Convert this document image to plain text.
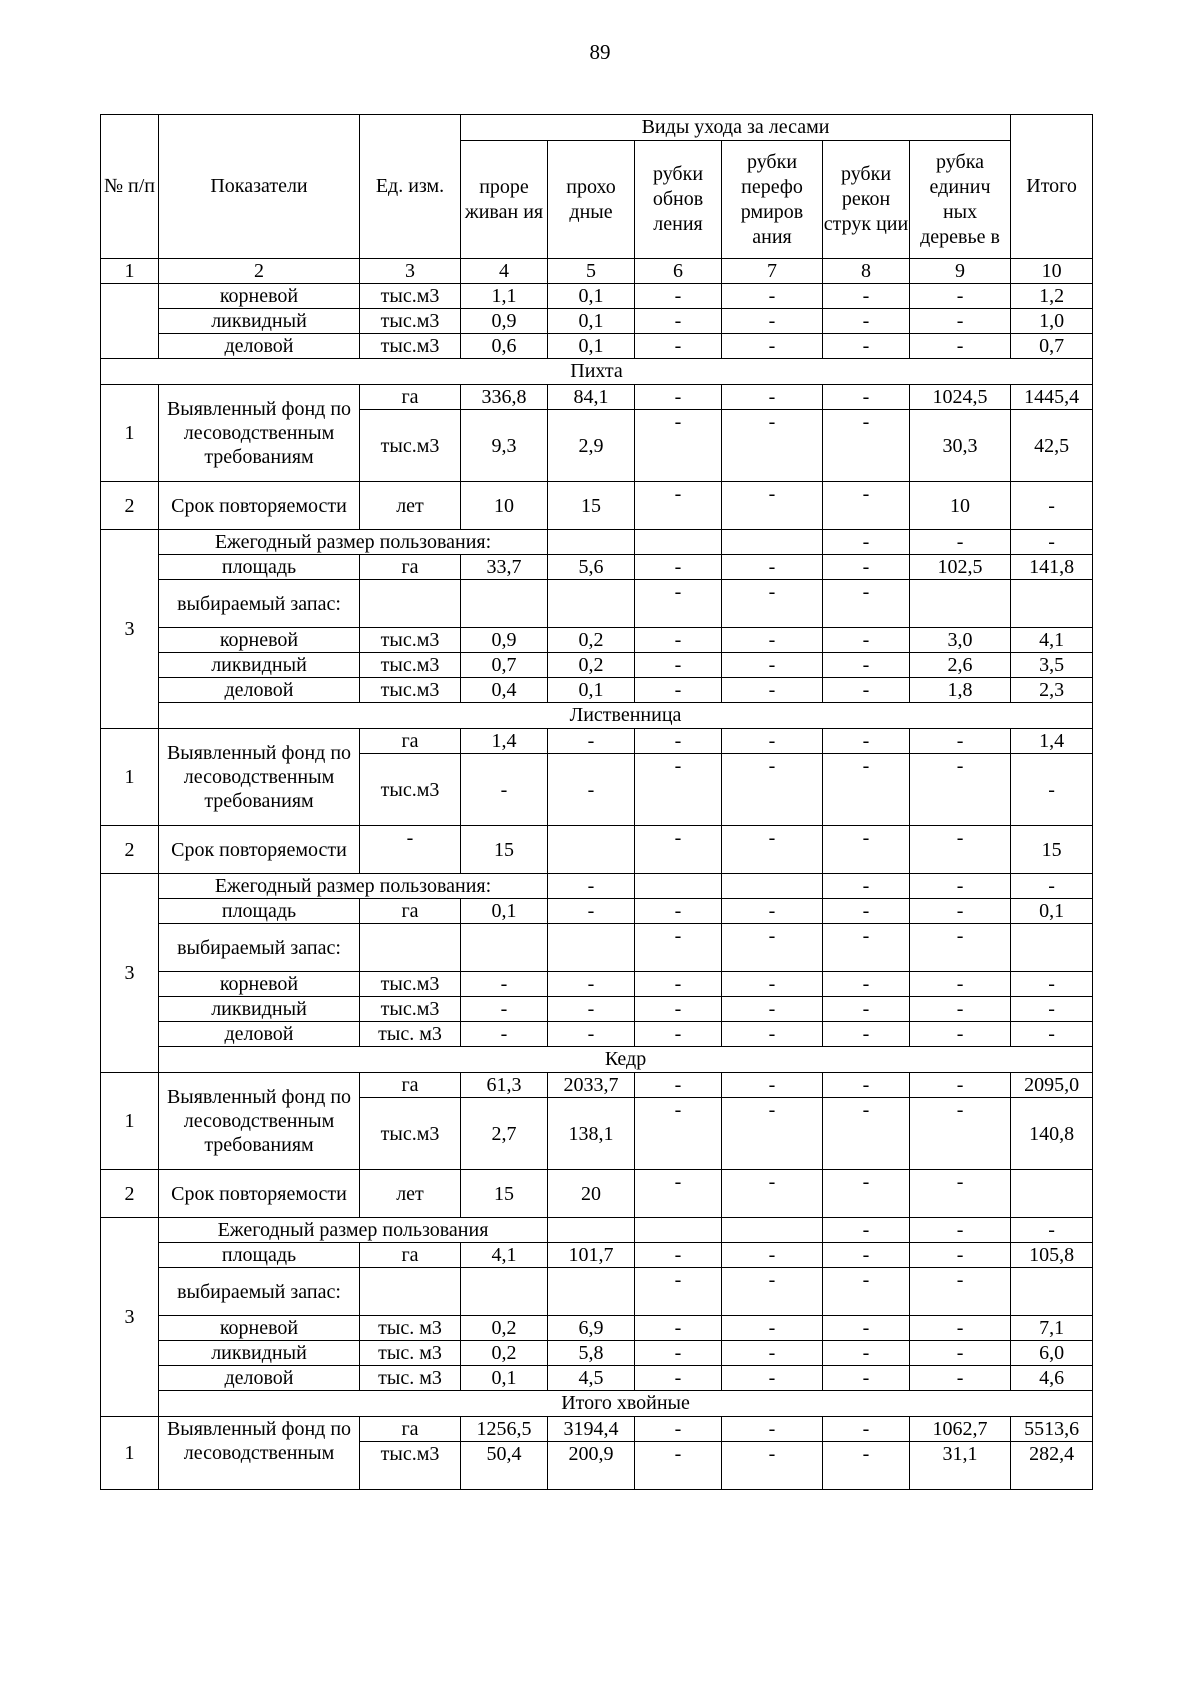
89
№ п/п	Показатели	Ед. изм.	Виды ухода за лесами						Итого
			проре живан ия	прохо дные	рубки обнов ления	рубки перефо рмиров ания	рубки рекон струк ции	рубка единич ных деревье в	
1	2	3	4	5	6	7	8	9	10
	корневой	тыс.м3	1,1	0,1	-	-	-	-	1,2
	ликвидный	тыс.м3	0,9	0,1	-	-	-	-	1,0
	деловой	тыс.м3	0,6	0,1	-	-	-	-	0,7
Пихта									
1	Выявленный фонд по лесоводственным требованиям	га	336,8	84,1	-	-	-	1024,5	1445,4
		тыс.м3	9,3	2,9	-	-	-	30,3	42,5
2	Срок повторяемости	лет	10	15	-	-	-	10	-
3	Ежегодный размер пользования:						-	-	-
	площадь	га	33,7	5,6	-	-	-	102,5	141,8
	выбираемый запас:				-	-	-		
	корневой	тыс.м3	0,9	0,2	-	-	-	3,0	4,1
	ликвидный	тыс.м3	0,7	0,2	-	-	-	2,6	3,5
	деловой	тыс.м3	0,4	0,1	-	-	-	1,8	2,3
	Лиственница								
1	Выявленный фонд по лесоводственным требованиям	га	1,4	-	-	-	-	-	1,4
		тыс.м3	-	-	-	-	-	-	-
2	Срок повторяемости	-	15		-	-	-	-	15
3	Ежегодный размер пользования:			-			-	-	-
	площадь	га	0,1	-	-	-	-	-	0,1
	выбираемый запас:				-	-	-	-	
	корневой	тыс.м3	-	-	-	-	-	-	-
	ликвидный	тыс.м3	-	-	-	-	-	-	-
	деловой	тыс. м3	-	-	-	-	-	-	-
	Кедр								
1	Выявленный фонд по лесоводственным требованиям	га	61,3	2033,7	-	-	-	-	2095,0
		тыс.м3	2,7	138,1	-	-	-	-	140,8
2	Срок повторяемости	лет	15	20	-	-	-	-	
3	Ежегодный размер пользования						-	-	-
	площадь	га	4,1	101,7	-	-	-	-	105,8
	выбираемый запас:				-	-	-	-	
	корневой	тыс. м3	0,2	6,9	-	-	-	-	7,1
	ликвидный	тыс. м3	0,2	5,8	-	-	-	-	6,0
	деловой	тыс. м3	0,1	4,5	-	-	-	-	4,6
	Итого хвойные								
1	Выявленный фонд по лесоводственным	га	1256,5	3194,4	-	-	-	1062,7	5513,6
		тыс.м3	50,4	200,9	-	-	-	31,1	282,4
